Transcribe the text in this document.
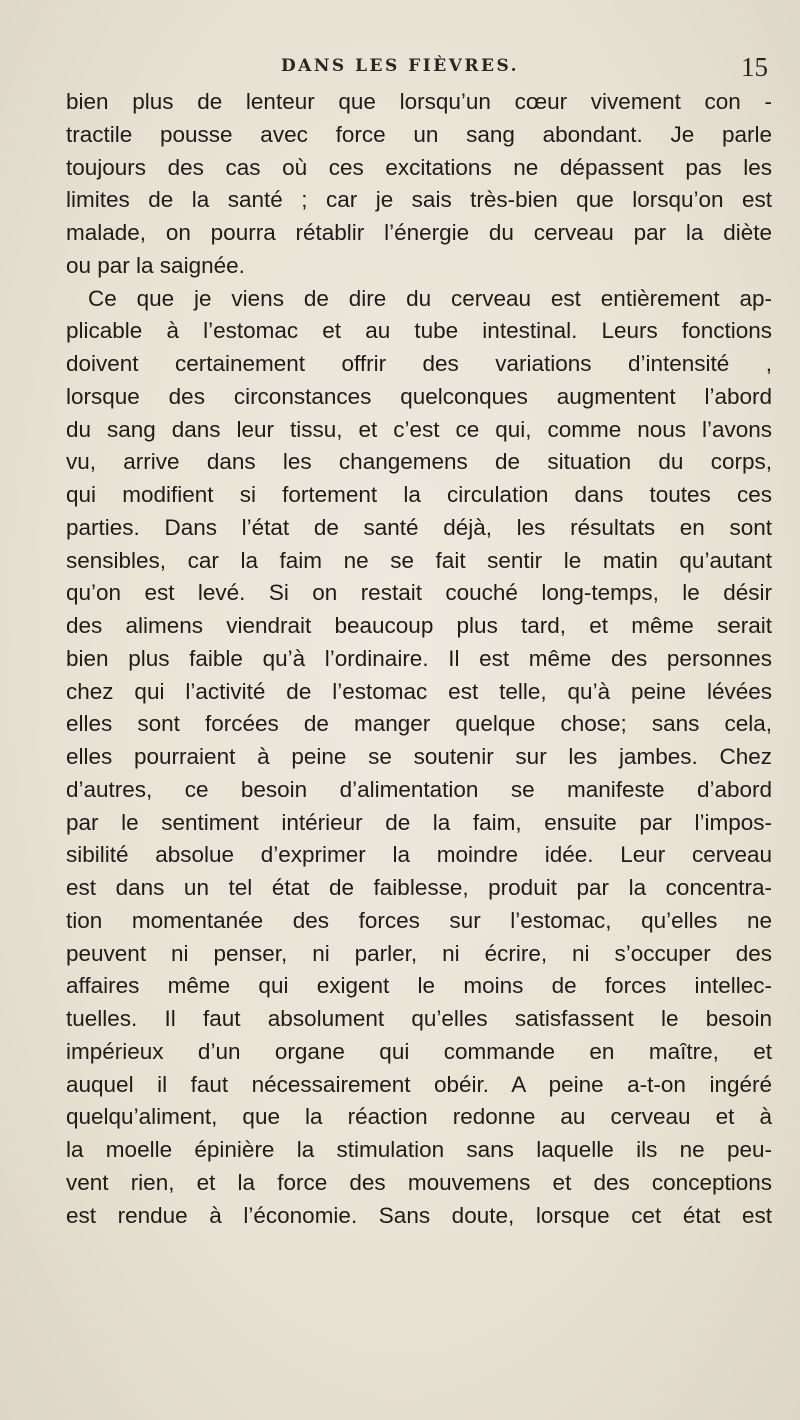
DANS LES FIÈVRES.	15
bien plus de lenteur que lorsqu’un cœur vivement con -
tractile pousse avec force un sang abondant. Je parle
toujours des cas où ces excitations ne dépassent pas les
limites de la santé ; car je sais très-bien que lorsqu’on est
malade, on pourra rétablir l’énergie du cerveau par la diète
ou par la saignée.
Ce que je viens de dire du cerveau est entièrement ap-
plicable à l’estomac et au tube intestinal. Leurs fonctions
doivent certainement offrir des variations d’intensité ,
lorsque des circonstances quelconques augmentent l’abord
du sang dans leur tissu, et c’est ce qui, comme nous l’avons
vu, arrive dans les changemens de situation du corps,
qui modifient si fortement la circulation dans toutes ces
parties. Dans l’état de santé déjà, les résultats en sont
sensibles, car la faim ne se fait sentir le matin qu’autant
qu’on est levé. Si on restait couché long-temps, le désir
des alimens viendrait beaucoup plus tard, et même serait
bien plus faible qu’à l’ordinaire. Il est même des personnes
chez qui l’activité de l’estomac est telle, qu’à peine lévées
elles sont forcées de manger quelque chose; sans cela,
elles pourraient à peine se soutenir sur les jambes. Chez
d’autres, ce besoin d’alimentation se manifeste d’abord
par le sentiment intérieur de la faim, ensuite par l’impos-
sibilité absolue d’exprimer la moindre idée. Leur cerveau
est dans un tel état de faiblesse, produit par la concentra-
tion momentanée des forces sur l’estomac, qu’elles ne
peuvent ni penser, ni parler, ni écrire, ni s’occuper des
affaires même qui exigent le moins de forces intellec-
tuelles. Il faut absolument qu’elles satisfassent le besoin
impérieux d’un organe qui commande en maître, et
auquel il faut nécessairement obéir. A peine a-t-on ingéré
quelqu’aliment, que la réaction redonne au cerveau et à
la moelle épinière la stimulation sans laquelle ils ne peu-
vent rien, et la force des mouvemens et des conceptions
est rendue à l’économie. Sans doute, lorsque cet état est
